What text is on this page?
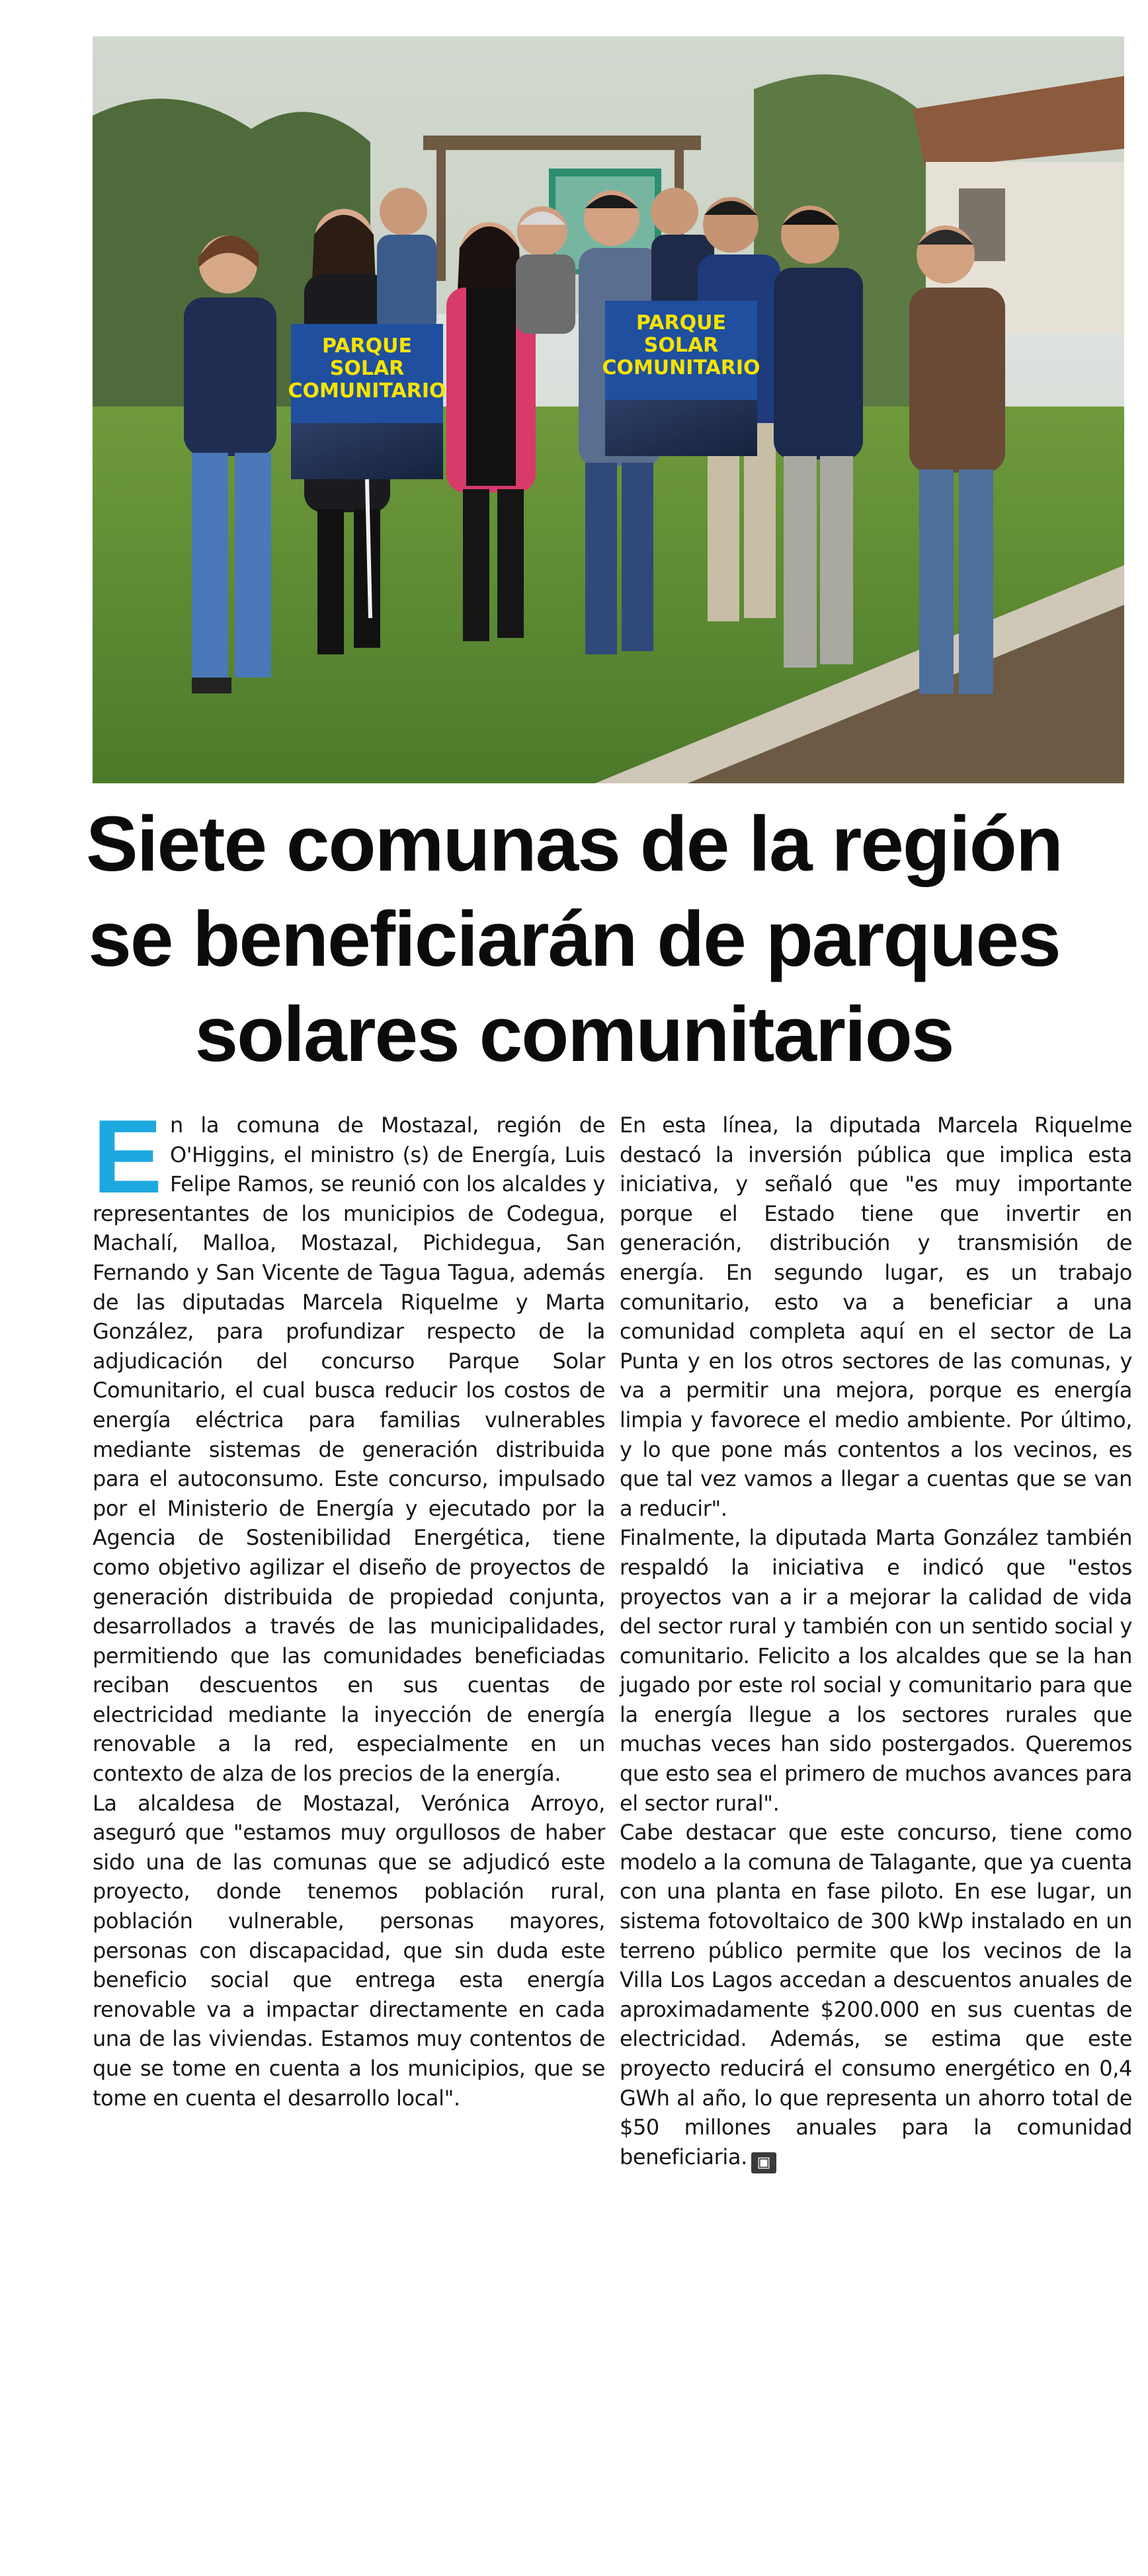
PARQUE
SOLAR
COMUNITARIO
PARQUE
SOLAR
COMUNITARIO
Siete comunas de la región
se beneficiarán de parques
solares comunitarios

En la comuna de Mostazal, región de O'Higgins, el ministro (s) de Energía, Luis Felipe Ramos, se reunió con los alcaldes y representantes de los municipios de Codegua, Machalí, Malloa, Mostazal, Pichidegua, San Fernando y San Vicente de Tagua Tagua, además de las diputadas Marcela Riquelme y Marta González, para profundizar respecto de la adjudicación del concurso Parque Solar Comunitario, el cual busca reducir los costos de energía eléctrica para familias vulnerables mediante sistemas de generación distribuida para el autoconsumo. Este concurso, impulsado por el Ministerio de Energía y ejecutado por la Agencia de Sostenibilidad Energética, tiene como objetivo agilizar el diseño de proyectos de generación distribuida de propiedad conjunta, desarrollados a través de las municipalidades, permitiendo que las comunidades beneficiadas reciban descuentos en sus cuentas de electricidad mediante la inyección de energía renovable a la red, especialmente en un contexto de alza de los precios de la energía.

La alcaldesa de Mostazal, Verónica Arroyo, aseguró que "estamos muy orgullosos de haber sido una de las comunas que se adjudicó este proyecto, donde tenemos población rural, población vulnerable, personas mayores, personas con discapacidad, que sin duda este beneficio social que entrega esta energía renovable va a impactar directamente en cada una de las viviendas. Estamos muy contentos de que se tome en cuenta a los municipios, que se tome en cuenta el desarrollo local".

En esta línea, la diputada Marcela Riquelme destacó la inversión pública que implica esta iniciativa, y señaló que "es muy importante porque el Estado tiene que invertir en generación, distribución y transmisión de energía. En segundo lugar, es un trabajo comunitario, esto va a beneficiar a una comunidad completa aquí en el sector de La Punta y en los otros sectores de las comunas, y va a permitir una mejora, porque es energía limpia y favorece el medio ambiente. Por último, y lo que pone más contentos a los vecinos, es que tal vez vamos a llegar a cuentas que se van a reducir".

Finalmente, la diputada Marta González también respaldó la iniciativa e indicó que "estos proyectos van a ir a mejorar la calidad de vida del sector rural y también con un sentido social y comunitario. Felicito a los alcaldes que se la han jugado por este rol social y comunitario para que la energía llegue a los sectores rurales que muchas veces han sido postergados. Queremos que esto sea el primero de muchos avances para el sector rural".

Cabe destacar que este concurso, tiene como modelo a la comuna de Talagante, que ya cuenta con una planta en fase piloto. En ese lugar, un sistema fotovoltaico de 300 kWp instalado en un terreno público permite que los vecinos de la Villa Los Lagos accedan a descuentos anuales de aproximadamente $200.000 en sus cuentas de electricidad. Además, se estima que este proyecto reducirá el consumo energético en 0,4 GWh al año, lo que representa un ahorro total de $50 millones anuales para la comunidad beneficiaria. ▣
